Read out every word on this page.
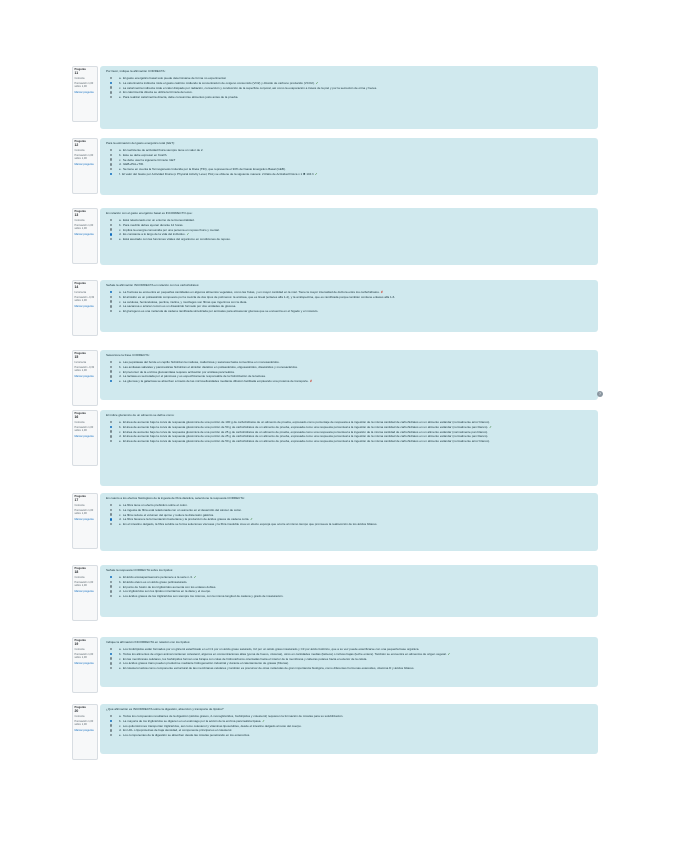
Pregunta
11
Correcta
Puntuación 1,00 sobre 1,00
Marcar pregunta
Por favor, indique la afirmación CORRECTA:
a. El gasto energético basal solo puede determinarse de forma no experimental.
b. La calorimetría indirecta mide el gasto calórico midiendo la concentración de oxígeno consumido (VO2) y dióxido de carbono producido (VCO2).✓
c. La calorimetría indirecta mide el calor disipado por radiación, convección y conducción de la superficie corporal, así como la evaporación a través de la piel y por la secreción de orina y heces.
d. En calorimetría directa se utiliza la fórmula del ecuó.
e. Para realizar calorimetría directa, debe consumirse alimentos justo antes de la prueba.
Pregunta
12
Correcta
Puntuación 1,00 sobre 1,00
Marcar pregunta
Para la estimación del gasto energético total (GET):
a. El coeficiente de actividad física siempre tiene un valor de 2.
b. Este se debe expresar en Kcal/h.
c. Se debe usar la siguiente fórmula: GET
d. GEB+PAL+TID.
e. Se tiene en cuenta la Termogénesis Inducida por la Dieta (TID), que representa el 30% del Gasto Energético Basal (GEB).
f. El valor del Gasto por Actividad Física (o Physical Activity Level, PAL) se obtiene de la siguiente manera: 2.Ratio de Actividad Física x 1 ✖ 104 h✓
Pregunta
13
Correcta
Puntuación 1,00 sobre 1,00
Marcar pregunta
En relación con el gasto energético basal es INCORRECTO que:
a. Está relacionado con un entorno de termoneutralidad.
b. Para medirlo debes ayunar durante 12 horas.
c. Implica la energía consumida por una persona en reposo físico y mental.
d. Es constante a lo largo de la vida del individuo.✓
e. Está asociado con las funciones vitales del organismo en condiciones de reposo.
Pregunta
14
Incorrecta
Puntuación -0,33 sobre 1,00
Marcar pregunta
Señale la afirmación INCORRECTA en relación con los carbohidratos:
a. La fructosa se encuentra en pequeñas cantidades en algunos alimentos vegetales, como las frutas, y en mayor cantidad en la miel. Tiene la mayor intensidad de dulzura entre los carbohidratos.✗
b. El almidón es un polisacárido compuesto por la mezcla de dos tipos de polímeros: la amilosa, que es lineal (enlaces alfa 1-4), y la amilopectina, que es ramificada porque también contiene enlaces alfa 1-6.
c. La celulosa, hemicelulosa, pectina, inulina, y mucílagos son fibras que ingerimos con la dieta.
d. La sacarosa o azúcar común es un disacárido formado por dos unidades de glucosa.
e. El glucógeno es una molécula de cadena ramificada sintetizada por animales para almacenar glucosa que se encuentra en el hígado y el músculo.
Pregunta
15
Incorrecta
Puntuación -0,33 sobre 1,00
Marcar pregunta
Seleccione la frase CORRECTA:
a. Las pepsitasas del borde en cepillo hidrolizan la maltosa, maltotriosa y sacarosa hasta convertirse en monosacáridos.
b. Las amilasas salivales y pancreáticas hidrolizan el almidón dietético en polisacáridos, oligosacáridos, disacáridos y monosacáridos.
c. El precursor de la enzima glucoamilasa requiere activación por amilasa pancreática.
d. La lactasa es secretada por el páncreas y es específicamente responsable de la hidrolización de la lactosa.
e. La glucosa y la galactosa se absorben a través de las microvellosidades mediante difusión facilitada empleando una proteína de transporte.✗
Pregunta
16
Correcta
Puntuación 1,00 sobre 1,00
Marcar pregunta
El índice glucémico de un alimento se define como:
a. El área de aumento bajo la curva de respuesta glucémica de una porción de 100 g de carbohidratos de un alimento de prueba, expresado como porcentaje de respuesta a la ingestión de la misma cantidad de carbohidratos en un alimento estándar (normalmente arroz blanco).
b. El área de aumento bajo la curva de respuesta glucémica de una porción de 50 g de carbohidratos de un alimento de prueba, expresada como una respuesta porcentual a la ingestión de la misma cantidad de carbohidratos en un alimento estándar (normalmente pan blanco).✓
c. El área de aumento bajo la curva de respuesta glucémica de una porción de 25 g de carbohidratos de un alimento de prueba, expresada como una respuesta porcentual a la ingestión de la misma cantidad de carbohidratos en un alimento estándar (normalmente pan blanco).
d. El área de aumento bajo la curva de respuesta glucémica de una porción de 25 g de carbohidratos de un alimento de prueba, expresada como una respuesta porcentual a la ingestión de la misma cantidad de carbohidratos en un alimento estándar (normalmente pan blanco).
e. El área de aumento bajo la curva de respuesta glucémica de una porción de 50 g de carbohidratos de un alimento de prueba, expresada como una respuesta porcentual a la ingestión de la misma cantidad de carbohidratos en un alimento estándar (normalmente arroz blanco).
Pregunta
17
Correcta
Puntuación 1,00 sobre 1,00
Marcar pregunta
En cuanto a los efectos fisiológicos de la ingesta de fibra dietética, seleccione la respuesta CORRECTA:
a. La fibra tiene un efecto prebiótico sobre el colon.
b. La ingesta de fibra está relacionada con un aumento en el desarrollo del cáncer de colon.
c. La fibra reduce el volumen del quimo y reduce la distensión gástrica.
d. La fibra favorece la fermentación bacteriana y la producción de ácidos grasos de cadena corta.✓
e. En el intestino delgado, la fibra soluble se forma soluciones viscosas y la fibra insoluble crea un efecto esponja que ocurre al mismo tiempo que promueve la reabsorción de los ácidos biliares.
Pregunta
18
Correcta
Puntuación 1,00 sobre 1,00
Marcar pregunta
Señale la respuesta CORRECTA sobre los lípidos:
a. El ácido eicosapentaenoico pertenece a la serie n-3.✓
b. El ácido oleico es un ácido graso poliinsaturado.
c. El punto de fusión de los triglicéridos aumenta con los enlaces dobles.
d. Los triglicéridos son los lípidos minoritarios en la dieta y el cuerpo.
e. Los ácidos grasos de los triglicéridos son siempre los mismos, con la misma longitud de cadena y grado de insaturación.
Pregunta
19
Correcta
Puntuación 1,00 sobre 1,00
Marcar pregunta
Indique la afirmación INCORRECTA en relación con los lípidos:
a. Los fosfolípidos están formados por un glicerol esterificado en el C1 por un ácido graso saturado, C2 por un ácido graso insaturado y C3 por ácido fosfórico, que a su vez puede esterificarse con una pequeña base orgánica.
b. Todos los alimentos de origen animal contienen colesterol, algunos en concentraciones altas (yema de huevo, vísceras), otros en cantidades medias (lácteos) o incluso bajas (leche entera). También se encuentra en alimentos de origen vegetal.✓
c. En las membranas celulares, los fosfolípidos forman una bicapa con colas de hidrocarburos orientadas hacia el interior de la membrana y cabezas polares hacia el exterior de la célula.
d. Los ácidos grasos trans pueden producirse mediante hidrogenación industrial y durante el calentamiento de grasas (frituras).
e. El colesterol actúa como componente estructural de las membranas celulares y también es precursor de otras moléculas de gran importancia biológica, como diferentes hormonas esteroides, vitamina D y ácidos biliares.
Pregunta
20
Correcta
Puntuación 1,00 sobre 1,00
Marcar pregunta
¿Qué afirmación es INCORRECTA sobre la digestión, absorción y transporte de lípidos?
a. Todos los compuestos resultantes de la digestión (ácidos grasos, 2-monoglicéridos, fosfolípidos y colesterol) requieren la formación de micelas para su solubilización.
b. La mayoría de los triglicéridos se digieren en el estómago por la acción de la enzima pancreática lipasa.✓
c. Los quilomicrones transportan triglicéridos, así como colesterol y vitaminas liposolubles, desde el intestino delgado al resto del cuerpo.
d. En LDL o lipoproteínas de baja densidad, el componente principal es el colesterol.
e. Los componentes de la digestión se absorben desde las micelas penetrando en los enterocitos.
?
